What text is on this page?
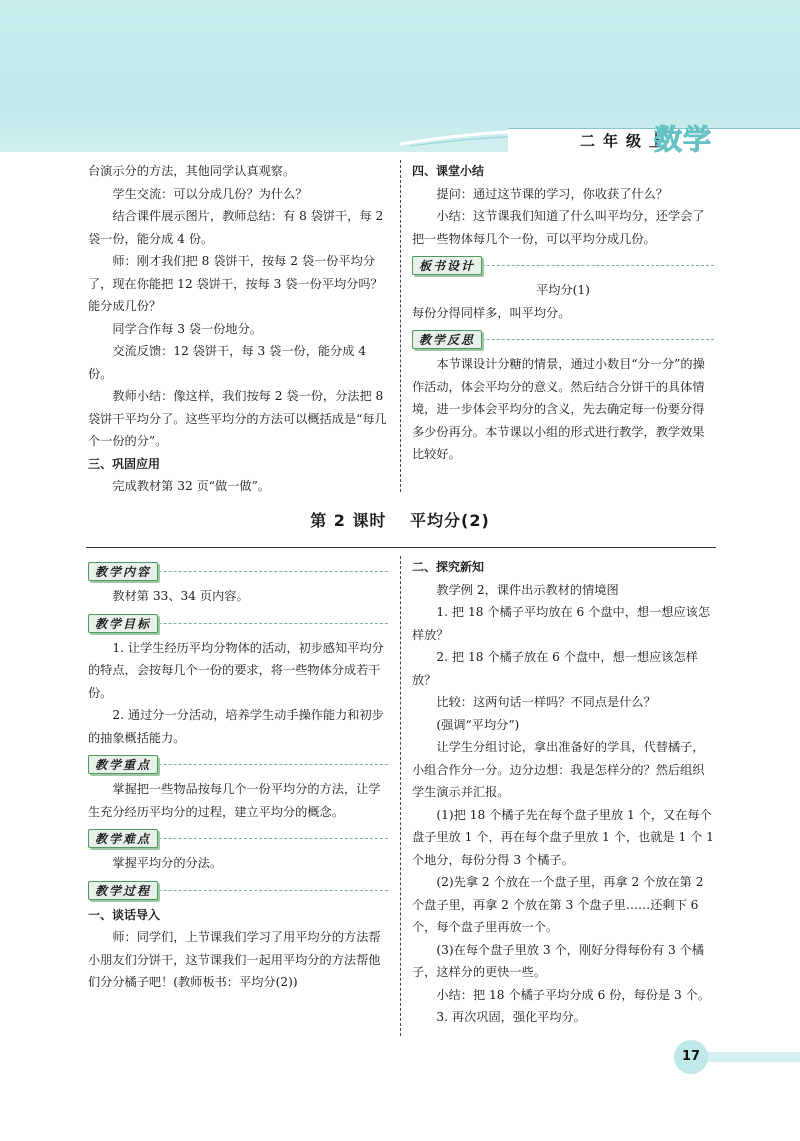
二年级上
数学

台演示分的方法，其他同学认真观察。

学生交流：可以分成几份？为什么？

结合课件展示图片，教师总结：有 8 袋饼干，每 2 袋一份，能分成 4 份。

师：刚才我们把 8 袋饼干，按每 2 袋一份平均分了，现在你能把 12 袋饼干，按每 3 袋一份平均分吗？能分成几份？

同学合作每 3 袋一份地分。

交流反馈：12 袋饼干，每 3 袋一份，能分成 4 份。

教师小结：像这样，我们按每 2 袋一份，分法把 8 袋饼干平均分了。这些平均分的方法可以概括成是“每几个一份的分”。

三、巩固应用

完成教材第 32 页“做一做”。

四、课堂小结

提问：通过这节课的学习，你收获了什么？

小结：这节课我们知道了什么叫平均分，还学会了把一些物体每几个一份，可以平均分成几份。

板书设计

平均分(1)

每份分得同样多，叫平均分。

教学反思

本节课设计分糖的情景，通过小数目“分一分”的操作活动，体会平均分的意义。然后结合分饼干的具体情境，进一步体会平均分的含义，先去确定每一份要分得多少份再分。本节课以小组的形式进行教学，教学效果比较好。

第 2 课时　 平均分(2)

教学内容

教材第 33、34 页内容。

教学目标

1. 让学生经历平均分物体的活动，初步感知平均分的特点，会按每几个一份的要求，将一些物体分成若干份。

2. 通过分一分活动，培养学生动手操作能力和初步的抽象概括能力。

教学重点

掌握把一些物品按每几个一份平均分的方法，让学生充分经历平均分的过程，建立平均分的概念。

教学难点

掌握平均分的分法。

教学过程

一、谈话导入

师：同学们，上节课我们学习了用平均分的方法帮小朋友们分饼干，这节课我们一起用平均分的方法帮他们分分橘子吧！(教师板书：平均分(2))

二、探究新知

教学例 2，课件出示教材的情境图

1. 把 18 个橘子平均放在 6 个盘中，想一想应该怎样放？

2. 把 18 个橘子放在 6 个盘中，想一想应该怎样放？

比较：这两句话一样吗？不同点是什么？

(强调“平均分”)

让学生分组讨论，拿出准备好的学具，代替橘子，小组合作分一分。边分边想：我是怎样分的？然后组织学生演示并汇报。

(1)把 18 个橘子先在每个盘子里放 1 个，又在每个盘子里放 1 个，再在每个盘子里放 1 个，也就是 1 个 1 个地分，每份分得 3 个橘子。

(2)先拿 2 个放在一个盘子里，再拿 2 个放在第 2 个盘子里，再拿 2 个放在第 3 个盘子里……还剩下 6 个，每个盘子里再放一个。

(3)在每个盘子里放 3 个，刚好分得每份有 3 个橘子，这样分的更快一些。

小结：把 18 个橘子平均分成 6 份，每份是 3 个。

3. 再次巩固，强化平均分。

17
